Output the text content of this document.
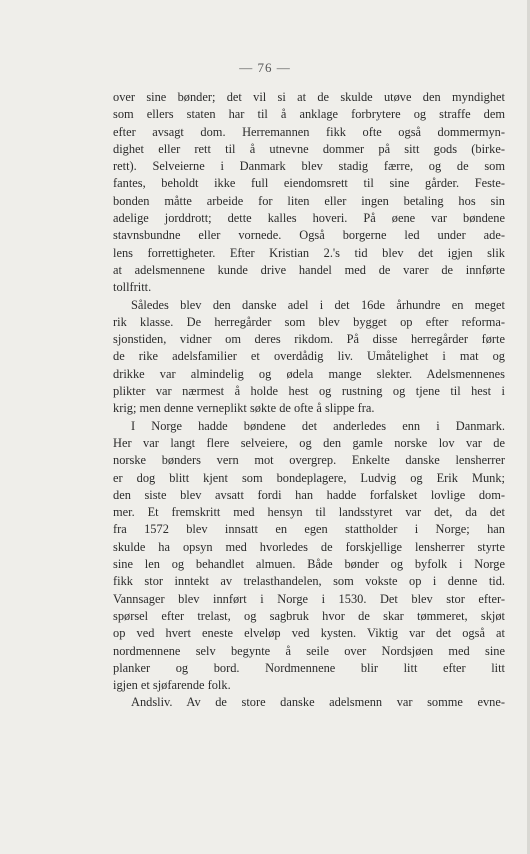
— 76 —
over sine bønder; det vil si at de skulde utøve den myndighet
som ellers staten har til å anklage forbrytere og straffe dem
efter avsagt dom. Herremannen fikk ofte også dommermyn-
dighet eller rett til å utnevne dommer på sitt gods (birke-
rett). Selveierne i Danmark blev stadig færre, og de som
fantes, beholdt ikke full eiendomsrett til sine gårder. Feste-
bonden måtte arbeide for liten eller ingen betaling hos sin
adelige jorddrott; dette kalles hoveri. På øene var bøndene
stavnsbundne eller vornede. Også borgerne led under ade-
lens forrettigheter. Efter Kristian 2.'s tid blev det igjen slik
at adelsmennene kunde drive handel med de varer de innførte
tollfritt.
Således blev den danske adel i det 16de århundre en meget
rik klasse. De herregårder som blev bygget op efter reforma-
sjonstiden, vidner om deres rikdom. På disse herregårder førte
de rike adelsfamilier et overdådig liv. Umåtelighet i mat og
drikke var almindelig og ødela mange slekter. Adelsmennenes
plikter var nærmest å holde hest og rustning og tjene til hest i
krig; men denne verneplikt søkte de ofte å slippe fra.
I Norge hadde bøndene det anderledes enn i Danmark.
Her var langt flere selveiere, og den gamle norske lov var de
norske bønders vern mot overgrep. Enkelte danske lensherrer
er dog blitt kjent som bondeplagere, Ludvig og Erik Munk;
den siste blev avsatt fordi han hadde forfalsket lovlige dom-
mer. Et fremskritt med hensyn til landsstyret var det, da det
fra 1572 blev innsatt en egen stattholder i Norge; han
skulde ha opsyn med hvorledes de forskjellige lensherrer styrte
sine len og behandlet almuen. Både bønder og byfolk i Norge
fikk stor inntekt av trelasthandelen, som vokste op i denne tid.
Vannsager blev innført i Norge i 1530. Det blev stor efter-
spørsel efter trelast, og sagbruk hvor de skar tømmeret, skjøt
op ved hvert eneste elveløp ved kysten. Viktig var det også at
nordmennene selv begynte å seile over Nordsjøen med sine
planker og bord. Nordmennene blir litt efter litt
igjen et sjøfarende folk.
Andsliv. Av de store danske adelsmenn var somme evne-
